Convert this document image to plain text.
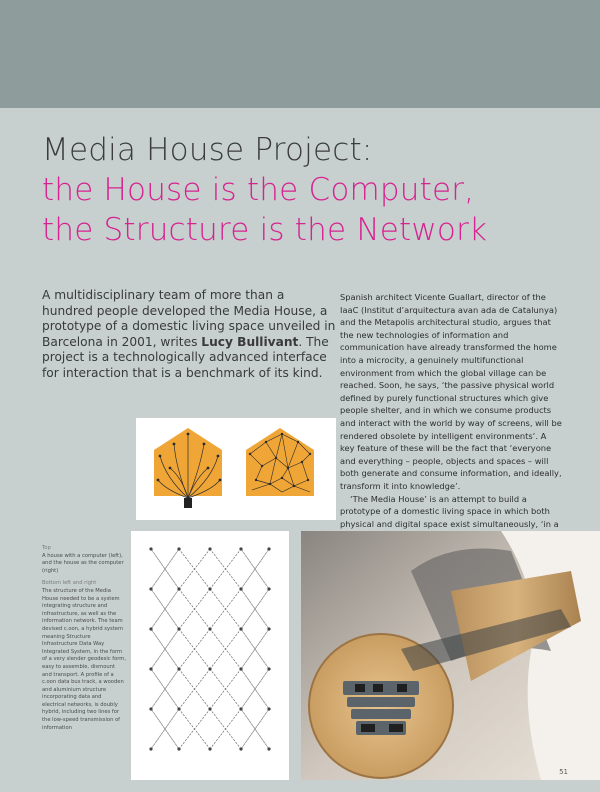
Media House Project:
the House is the Computer,
the Structure is the Network
A multidisciplinary team of more than a hundred people developed the Media House, a prototype of a domestic living space unveiled in Barcelona in 2001, writes Lucy Bullivant. The project is a technologically advanced interface for interaction that is a benchmark of its kind.

Spanish architect Vicente Guallart, director of the IaaC (Institut d’arquitectura avan ada de Catalunya) and the Metapolis architectural studio, argues that the new technologies of information and communication have already transformed the home into a microcity, a genuinely multifunctional environment from which the global village can be reached. Soon, he says, ‘the passive physical world defined by purely functional structures which give people shelter, and in which we consume products and interact with the world by way of screens, will be rendered obsolete by intelligent environments’. A key feature of these will be the fact that ‘everyone and everything – people, objects and spaces – will both generate and consume information, and ideally, transform it into knowledge’.

‘The Media House’ is an attempt to build a prototype of a domestic living space in which both physical and digital space exist simultaneously, ‘in a

Top
A house with a computer (left), and the house as the computer (right)

Bottom left and right
The structure of the Media House needed to be a system integrating structure and infrastructure, as well as the information network. The team devised c.oon, a hybrid system meaning Structure Infrastructure Data Way Integrated System, in the form of a very slender geodesic form, easy to assemble, dismount and transport. A profile of a c.oon data bus track, a wooden and aluminium structure incorporating data and electrical networks, is doubly hybrid, including two lines for the low-speed transmission of information

51
